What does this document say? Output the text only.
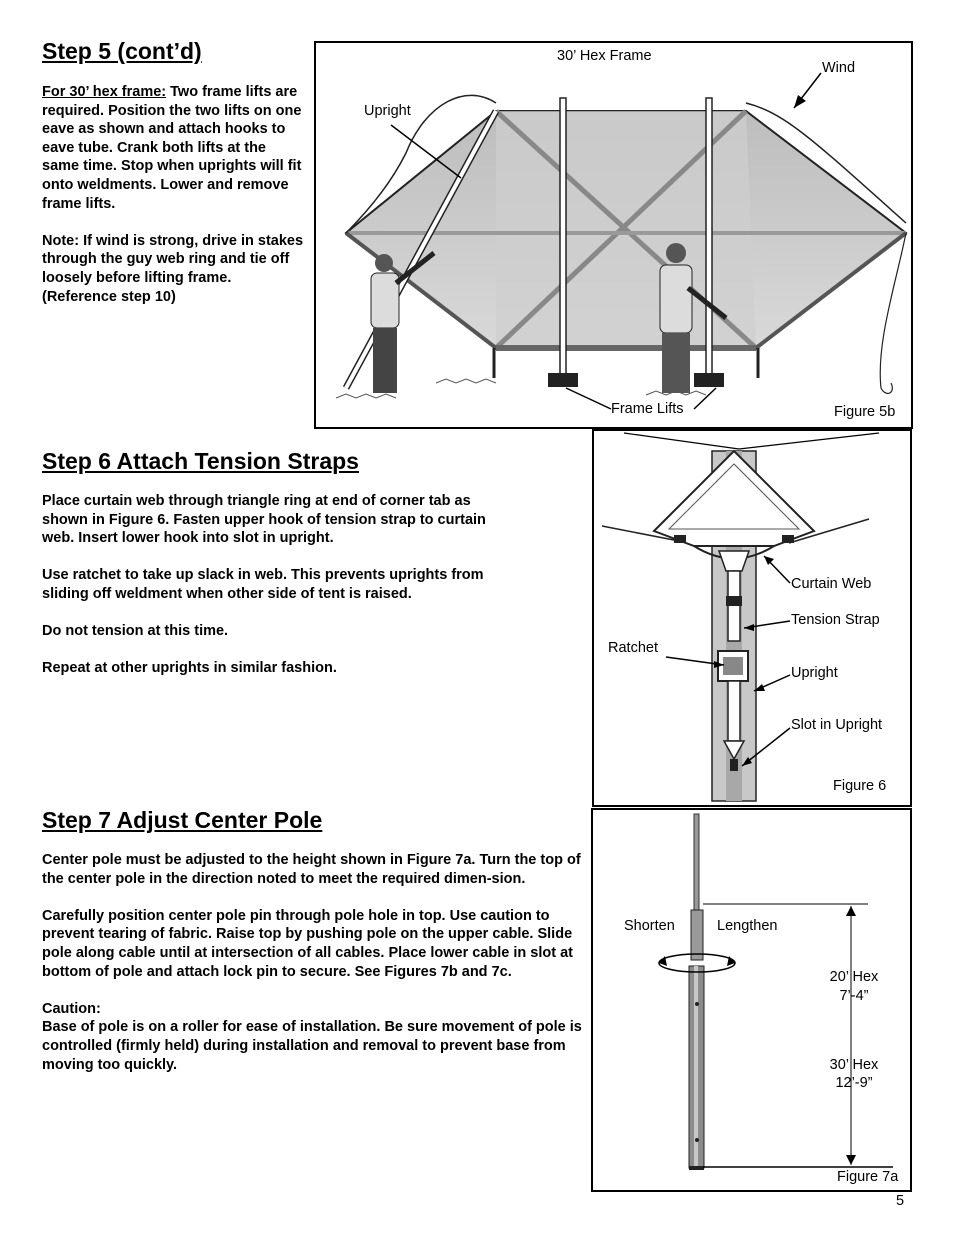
Step 5 (cont’d)

For 30’ hex frame: Two frame lifts are required. Position the two lifts on one eave as shown and attach hooks to eave tube. Crank both lifts at the same time. Stop when uprights will fit onto weldments. Lower and remove frame lifts.

Note: If wind is strong, drive in stakes through the guy web ring and tie off loosely before lifting frame. (Reference step 10)

30’ Hex Frame
Wind
Upright
Frame Lifts	Figure 5b
Step 6 Attach Tension Straps

Place curtain web through triangle ring at end of corner tab as shown in Figure 6. Fasten upper hook of tension strap to curtain web. Insert lower hook into slot in upright.

Use ratchet to take up slack in web. This prevents uprights from sliding off weldment when other side of tent is raised.

Do not tension at this time.

Repeat at other uprights in similar fashion.

Curtain Web
Tension Strap
Ratchet
Upright
Slot in Upright
Figure 6
Step 7 Adjust Center Pole

Center pole must be adjusted to the height shown in Figure 7a. Turn the top of the center pole in the direction noted to meet the required dimen-sion.

Carefully position center pole pin through pole hole in top. Use caution to prevent tearing of fabric. Raise top by pushing pole on the upper cable. Slide pole along cable until at intersection of all cables. Place lower cable in slot at bottom of pole and attach lock pin to secure. See Figures 7b and 7c.

Caution:
Base of pole is on a roller for ease of installation. Be sure movement of pole is controlled (firmly held) during installation and removal to prevent base from moving too quickly.

Shorten	Lengthen
20’ Hex
7’-4”
30’ Hex
12’-9”
Figure 7a
5
